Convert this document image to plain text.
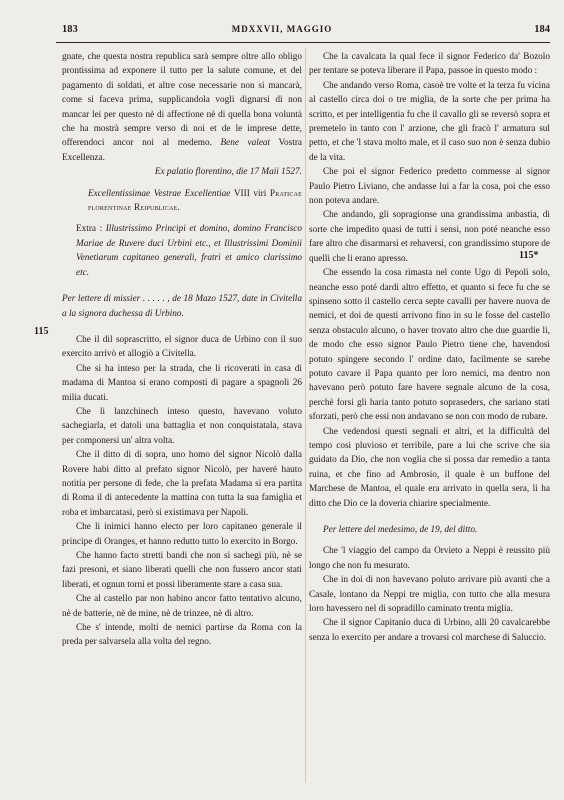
183	MDXXVII, MAGGIO	184
115
115*

gnate, che questa nostra republica sarà sempre oltre allo obligo prontissima ad exponere il tutto per la salute comune, et del pagamento di soldati, et altre cose necessarie non si mancarà, come si faceva prima, supplicandola vogli dignarsi di non mancar lei per questo nè di affectione nè di quella bona voluntà che ha mostrà sempre verso di noi et de le imprese dette, offerendoci ancor noi al medemo. Bene valeat Vostra Excellenza.

Ex palatio florentino, die 17 Maii 1527.

Excellentissimae Vestrae Excellentiae VIII viri Praticae florentinae Reipublicae.

Extra : Illustrissimo Principi et domino, domino Francisco Mariae de Ruvere duci Urbini etc., et Illustrissimi Dominii Venetiarum capitaneo generali, fratri et amico clarissimo etc.

Per lettere di missier . . . . . , de 18 Mazo 1527, date in Civitella a la signora duchessa di Urbino.

Che il dil soprascritto, el signor duca de Urbino con il suo exercito arrivò et allogiò a Civitella.

Che si ha inteso per la strada, che li ricoverati in casa di madama di Mantoa si erano composti di pagare a spagnoli 26 milia ducati.

Che li lanzchinech inteso questo, havevano voluto sachegiarla, et datoli una battaglia et non conquistatala, stava per componersi un' altra volta.

Che il ditto di di sopra, uno homo del signor Nicolò dalla Rovere habi ditto al prefato signor Nicolò, per haveré hauto notitia per persone di fede, che la prefata Madama si era partita di Roma il di antecedente la mattina con tutta la sua famiglia et roba et imbarcatasi, però si existimava per Napoli.

Che li inimici hanno electo per loro capitaneo generale il principe di Oranges, et hanno redutto tutto lo exercito in Borgo.

Che hanno facto stretti bandi che non si sachegi più, nè se fazi presoni, et siano liberati quelli che non fussero ancor stati liberati, et ognun torni et possi liberamente stare a casa sua.

Che al castello par non habino ancor fatto tentativo alcuno, nè de batterie, nè de mine, nè de trinzee, nè di altro.

Che s' intende, molti de nemici partirse da Roma con la preda per salvarsela alla volta del regno.

Che la cavalcata la qual fece il signor Federico da' Bozolo per tentare se poteva liberare il Papa, passoe in questo modo :

Che andando verso Roma, casoè tre volte et la terza fu vicina al castello circa doi o tre miglia, de la sorte che per prima ha scritto, et per intelligentia fu che il cavallo gli se reversò sopra et premetelo in tanto con l' arzione, che gli fracò l' armatura sul petto, et che 'l stava molto male, et il caso suo non è senza dubio de la vita.

Che poi el signor Federico predetto commesse al signor Paulo Pietro Liviano, che andasse lui a far la cosa, poi che esso non poteva andare.

Che andando, gli sopragionse una grandissima anbastia, di sorte che impedito quasi de tutti i sensi, non poté neanche esso fare altro che disarmarsi et rehaversi, con grandissimo stupore de quelli che li erano apresso.

Che essendo la cosa rimasta nel conte Ugo di Pepoli solo, neanche esso poté dardi altro effetto, et quanto si fece fu che se spinseno sotto il castello cerca septe cavalli per havere nuova de nemici, et doi de questi arrivono fino in su le fosse del castello senza obstaculo alcuno, o haver trovato altro che due guardie li, de modo che esso signor Paulo Pietro tiene che, havendosi potuto spingere secondo l' ordine dato, facilmente se sarebe potuto cavare il Papa quanto per loro nemici, ma dentro non havevano però potuto fare havere segnale alcuno de la cosa, perchè forsi gli haria tanto potuto sopraseders, che sariano stati sforzati, però che essi non andavano se non con modo de rubare.

Che vedendosi questi segnali et altri, et la difficultà del tempo cosi pluvioso et terribile, pare a lui che scrive che sia guidato da Dio, che non voglia che si possa dar remedio a tanta ruina, et che fino ad Ambrosio, il quale è un buffone del Marchese de Mantoa, el quale era arrivato in quella sera, li ha ditto che Dio ce la doveria chiarire specialmente.

Per lettere del medesimo, de 19, del ditto.

Che 'l viaggio del campo da Orvieto a Neppi è reussito più longo che non fu mesurato.

Che in doi di non havevano poluto arrivare più avanti che a Casale, lontano da Neppi tre miglia, con tutto che alla mesura loro havessero nel di sopradillo caminato trenta miglia.

Che il signor Capitanio duca di Urbino, alli 20 cavalcarebbe senza lo exercito per andare a trovarsi col marchese di Saluccio.
